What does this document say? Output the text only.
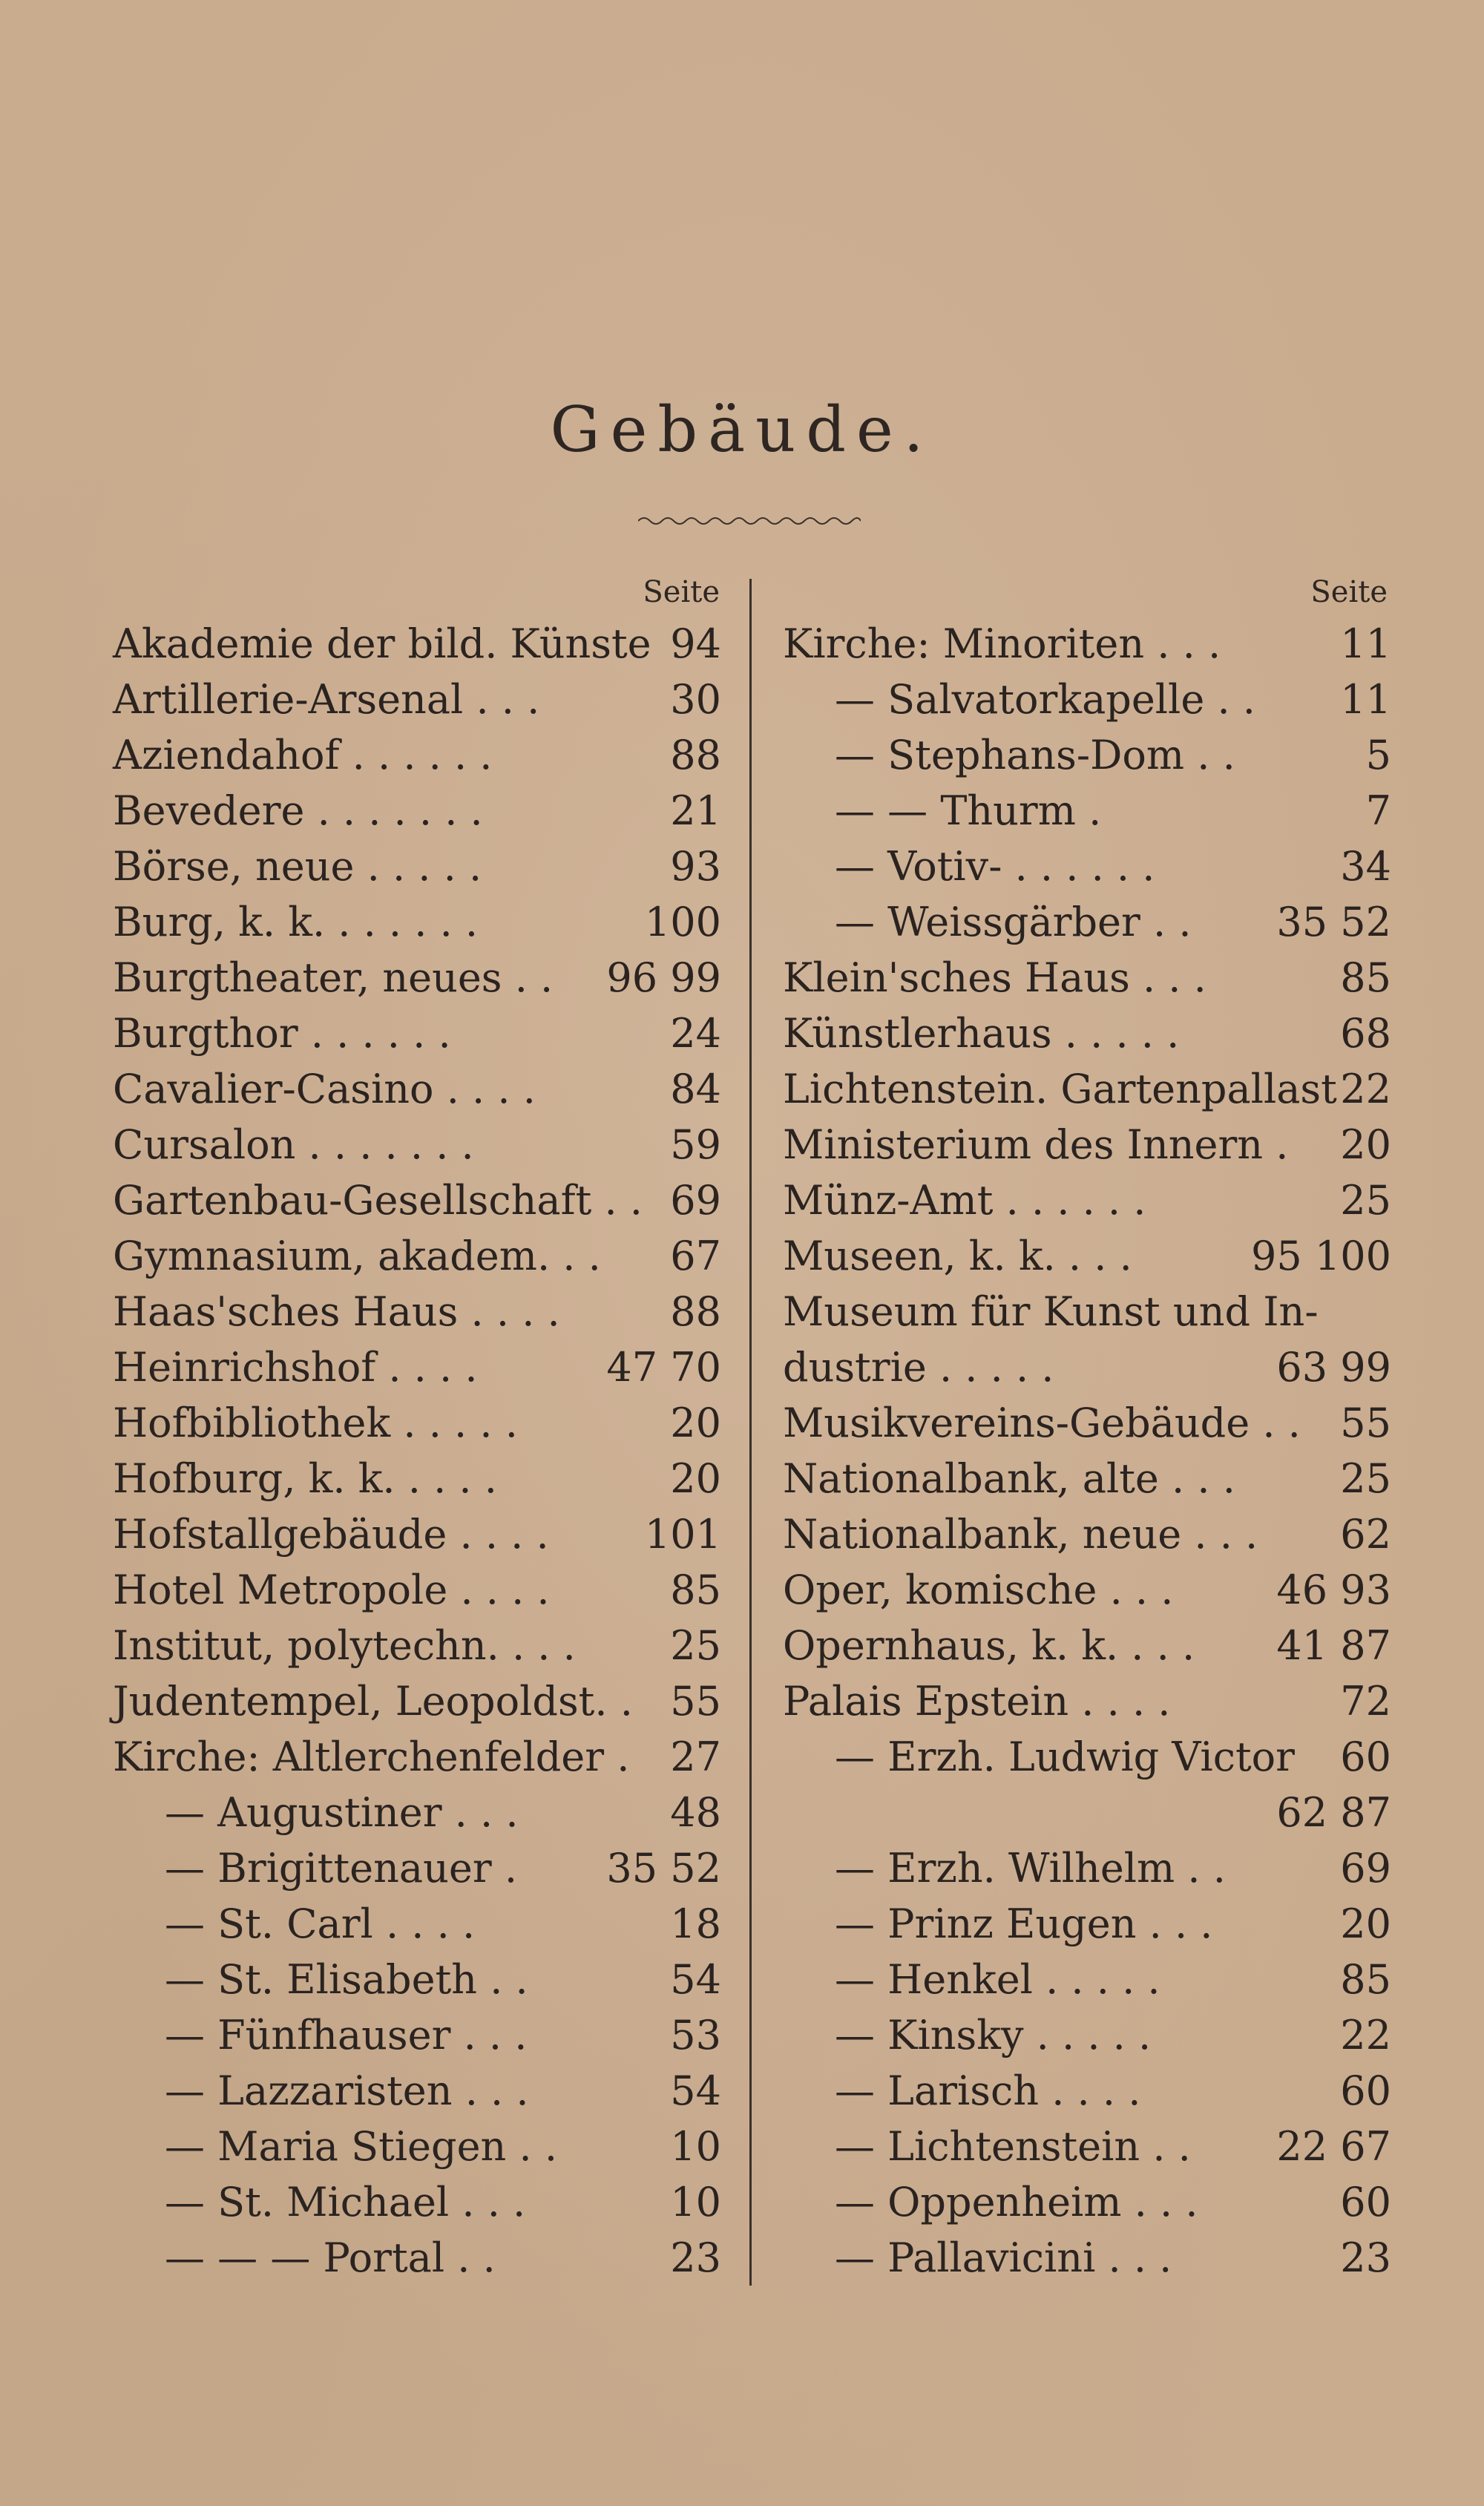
Gebäude.
Seite	Seite
Akademie der bild. Künste 94
Artillerie-Arsenal . . .	30
Aziendahof . . . . . .	88
Bevedere . . . . . . .	21
Börse, neue . . . . .	93
Burg, k. k. . . . . . .	100
Burgtheater, neues . . 96 99
Burgthor . . . . . .	24
Cavalier-Casino . . . .	84
Cursalon . . . . . . .	59
Gartenbau-Gesellschaft . . 69
Gymnasium, akadem. . . 67
Haas'sches Haus . . . .	88
Heinrichshof . . . .	47 70
Hofbibliothek . . . . .	20
Hofburg, k. k. . . . .	20
Hofstallgebäude . . . . 101
Hotel Metropole . . . .	85
Institut, polytechn. . . . 25
Judentempel, Leopoldst. . 55
Kirche: Altlerchenfelder . 27
— Augustiner . . .	48
— Brigittenauer . 35 52
— St. Carl . . . .	18
— St. Elisabeth . .	54
— Fünfhauser . . .	53
— Lazzaristen . . .	54
— Maria Stiegen . .	10
— St. Michael . . .	10
— — — Portal . .	23
Kirche: Minoriten . . .	11
— Salvatorkapelle . . 11
— Stephans-Dom . .	5
— — Thurm .	7
— Votiv- . . . . . .	34
— Weissgärber . . 35 52
Klein'sches Haus . . .	85
Künstlerhaus . . . . .	68
Lichtenstein. Gartenpallast 22
Ministerium des Innern . 20
Münz-Amt . . . . . .	25
Museen, k. k. . . .	95 100
Museum für Kunst und In-
dustrie . . . . .	63 99
Musikvereins-Gebäude . . 55
Nationalbank, alte . . .	25
Nationalbank, neue . . . 62
Oper, komische . . .	46 93
Opernhaus, k. k. . . . 41 87
Palais Epstein . . . .	72
— Erzh. Ludwig Victor 60
62 87
— Erzh. Wilhelm . .	69
— Prinz Eugen . . .	20
— Henkel . . . . .	85
— Kinsky . . . . .	22
— Larisch . . . .	60
— Lichtenstein . . 22 67
— Oppenheim . . .	60
— Pallavicini . . .	23
